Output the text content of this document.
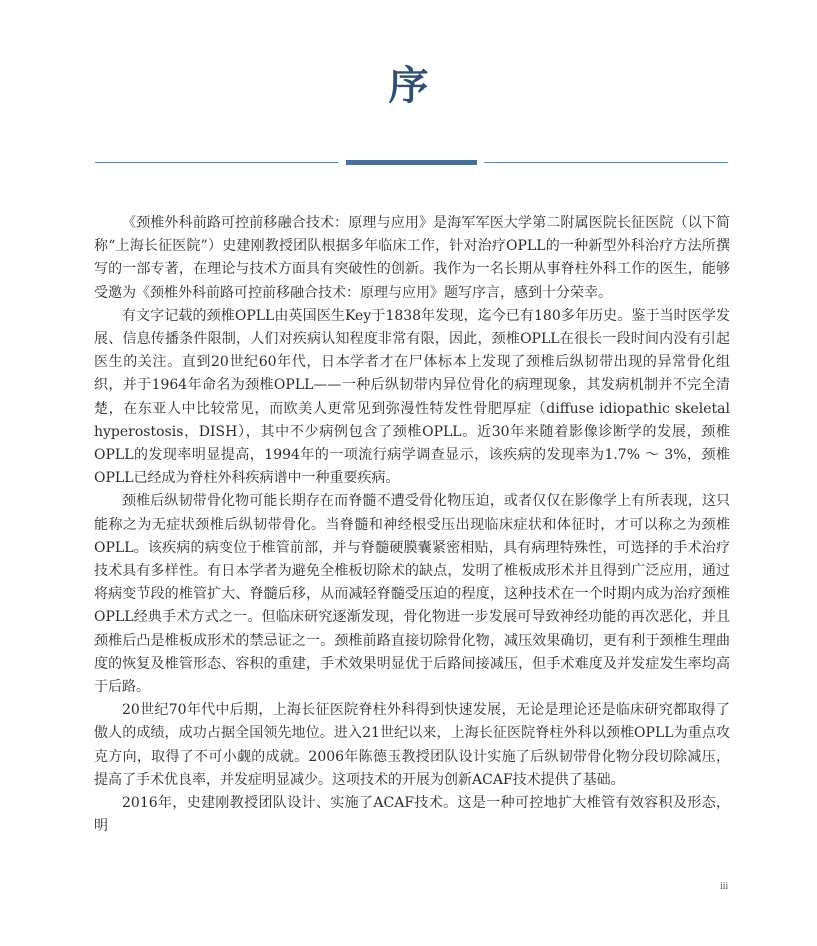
序

《颈椎外科前路可控前移融合技术：原理与应用》是海军军医大学第二附属医院长征医院（以下简称“上海长征医院”）史建刚教授团队根据多年临床工作，针对治疗OPLL的一种新型外科治疗方法所撰写的一部专著，在理论与技术方面具有突破性的创新。我作为一名长期从事脊柱外科工作的医生，能够受邀为《颈椎外科前路可控前移融合技术：原理与应用》题写序言，感到十分荣幸。

有文字记载的颈椎OPLL由英国医生Key于1838年发现，迄今已有180多年历史。鉴于当时医学发展、信息传播条件限制，人们对疾病认知程度非常有限，因此，颈椎OPLL在很长一段时间内没有引起医生的关注。直到20世纪60年代，日本学者才在尸体标本上发现了颈椎后纵韧带出现的异常骨化组织，并于1964年命名为颈椎OPLL——一种后纵韧带内异位骨化的病理现象，其发病机制并不完全清楚，在东亚人中比较常见，而欧美人更常见到弥漫性特发性骨肥厚症（diffuse idiopathic skeletal hyperostosis，DISH），其中不少病例包含了颈椎OPLL。近30年来随着影像诊断学的发展，颈椎OPLL的发现率明显提高，1994年的一项流行病学调查显示，该疾病的发现率为1.7% ～ 3%，颈椎OPLL已经成为脊柱外科疾病谱中一种重要疾病。

颈椎后纵韧带骨化物可能长期存在而脊髓不遭受骨化物压迫，或者仅仅在影像学上有所表现，这只能称之为无症状颈椎后纵韧带骨化。当脊髓和神经根受压出现临床症状和体征时，才可以称之为颈椎OPLL。该疾病的病变位于椎管前部，并与脊髓硬膜囊紧密相贴，具有病理特殊性，可选择的手术治疗技术具有多样性。有日本学者为避免全椎板切除术的缺点，发明了椎板成形术并且得到广泛应用，通过将病变节段的椎管扩大、脊髓后移，从而减轻脊髓受压迫的程度，这种技术在一个时期内成为治疗颈椎OPLL经典手术方式之一。但临床研究逐渐发现，骨化物进一步发展可导致神经功能的再次恶化，并且颈椎后凸是椎板成形术的禁忌证之一。颈椎前路直接切除骨化物，减压效果确切，更有利于颈椎生理曲度的恢复及椎管形态、容积的重建，手术效果明显优于后路间接减压，但手术难度及并发症发生率均高于后路。

20世纪70年代中后期，上海长征医院脊柱外科得到快速发展，无论是理论还是临床研究都取得了傲人的成绩，成功占据全国领先地位。进入21世纪以来，上海长征医院脊柱外科以颈椎OPLL为重点攻克方向，取得了不可小觑的成就。2006年陈德玉教授团队设计实施了后纵韧带骨化物分段切除减压，提高了手术优良率，并发症明显减少。这项技术的开展为创新ACAF技术提供了基础。

2016年，史建刚教授团队设计、实施了ACAF技术。这是一种可控地扩大椎管有效容积及形态，明

iii
